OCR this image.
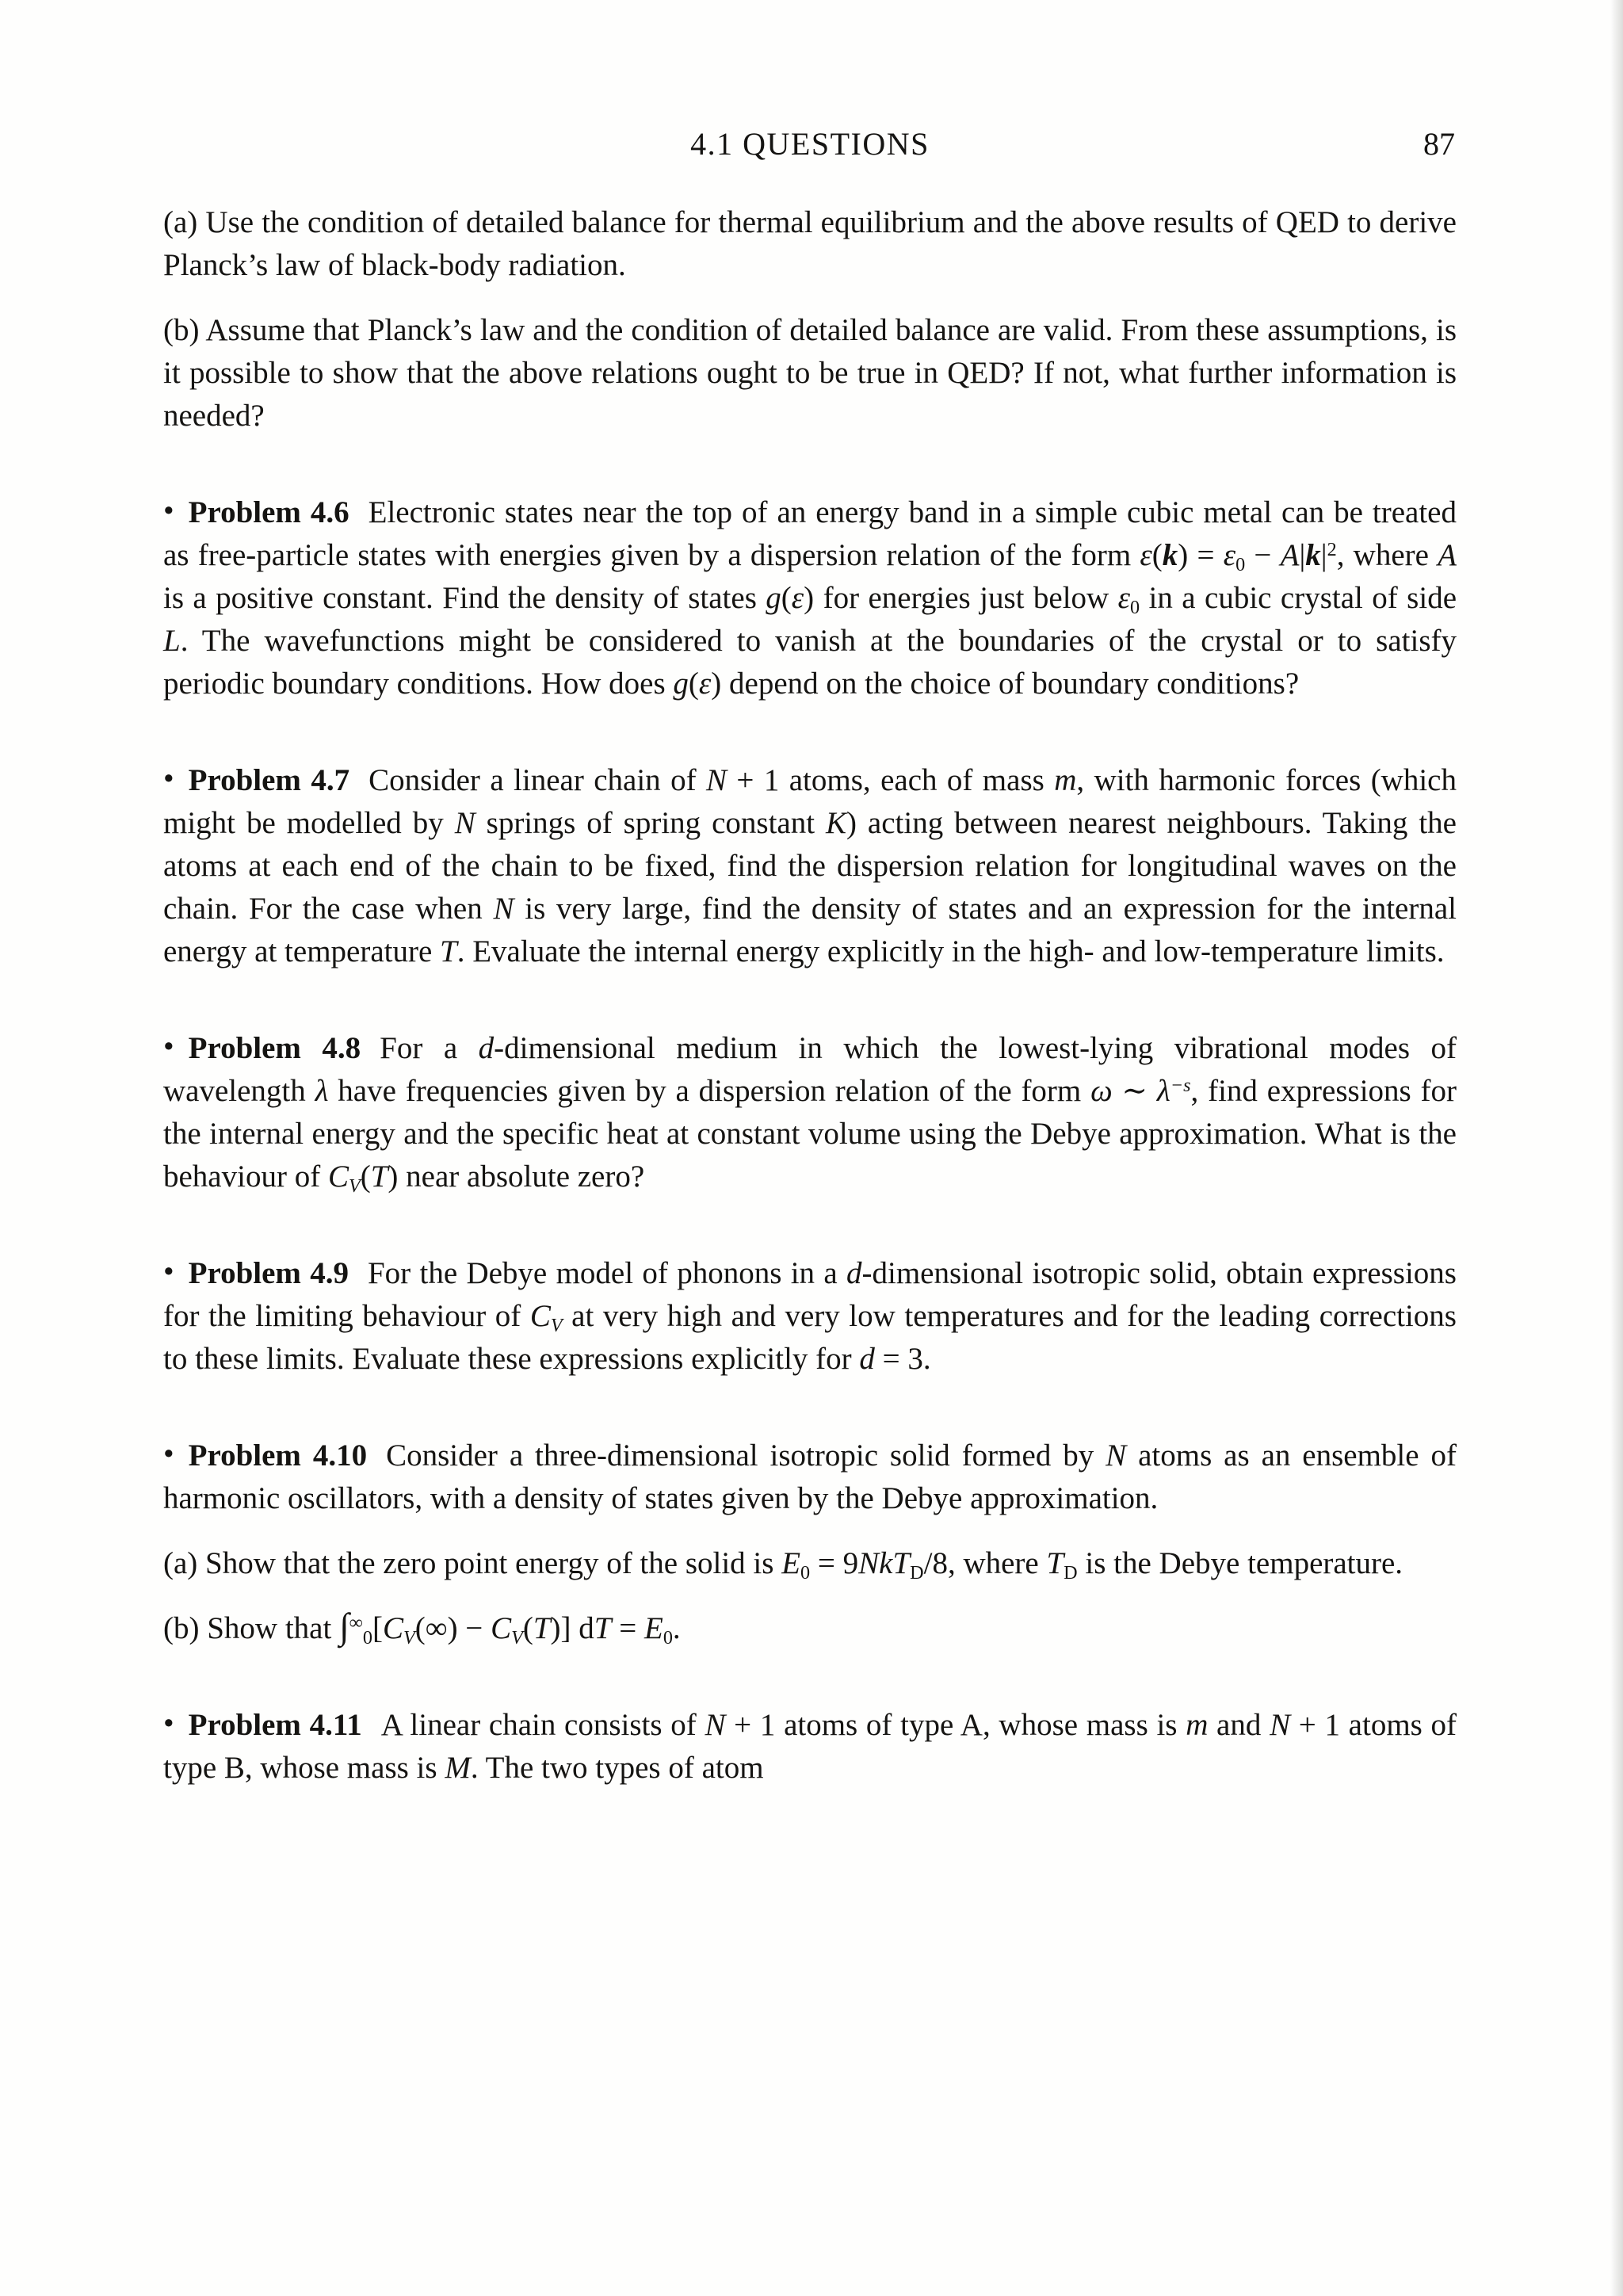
4.1 QUESTIONS	87

(a) Use the condition of detailed balance for thermal equilibrium and the above results of QED to derive Planck’s law of black-body radiation.

(b) Assume that Planck’s law and the condition of detailed balance are valid. From these assumptions, is it possible to show that the above relations ought to be true in QED? If not, what further information is needed?

• Problem 4.6 Electronic states near the top of an energy band in a simple cubic metal can be treated as free-particle states with energies given by a dispersion relation of the form $\varepsilon(k) = \varepsilon 0 - A|k|^2$, where A is a positive constant. Find the density of states g(ε) for energies just below ε0 in a cubic crystal of side L. The wavefunctions might be considered to vanish at the boundaries of the crystal or to satisfy periodic boundary conditions. How does g(ε) depend on the choice of boundary conditions?

• Problem 4.7 Consider a linear chain of N + 1 atoms, each of mass m, with harmonic forces (which might be modelled by N springs of spring constant K) acting between nearest neighbours. Taking the atoms at each end of the chain to be fixed, find the dispersion relation for longitudinal waves on the chain. For the case when N is very large, find the density of states and an expression for the internal energy at temperature T. Evaluate the internal energy explicitly in the high- and low-temperature limits.

• Problem 4.8 For a d-dimensional medium in which the lowest-lying vibrational modes of wavelength λ have frequencies given by a dispersion relation of the form ω ∼ $\lambda^{-s}$, find expressions for the internal energy and the specific heat at constant volume using the Debye approximation. What is the behaviour of CV(T) near absolute zero?

• Problem 4.9 For the Debye model of phonons in a d-dimensional isotropic solid, obtain expressions for the limiting behaviour of CV at very high and very low temperatures and for the leading corrections to these limits. Evaluate these expressions explicitly for d = 3.

• Problem 4.10 Consider a three-dimensional isotropic solid formed by N atoms as an ensemble of harmonic oscillators, with a density of states given by the Debye approximation.

(a) Show that the zero point energy of the solid is E0 = 9NkTD/8, where TD is the Debye temperature.

(b) Show that ∫∞0[CV(∞) − CV(T)] dT = E0.

• Problem 4.11 A linear chain consists of N + 1 atoms of type A, whose mass is m and N + 1 atoms of type B, whose mass is M. The two types of atom
